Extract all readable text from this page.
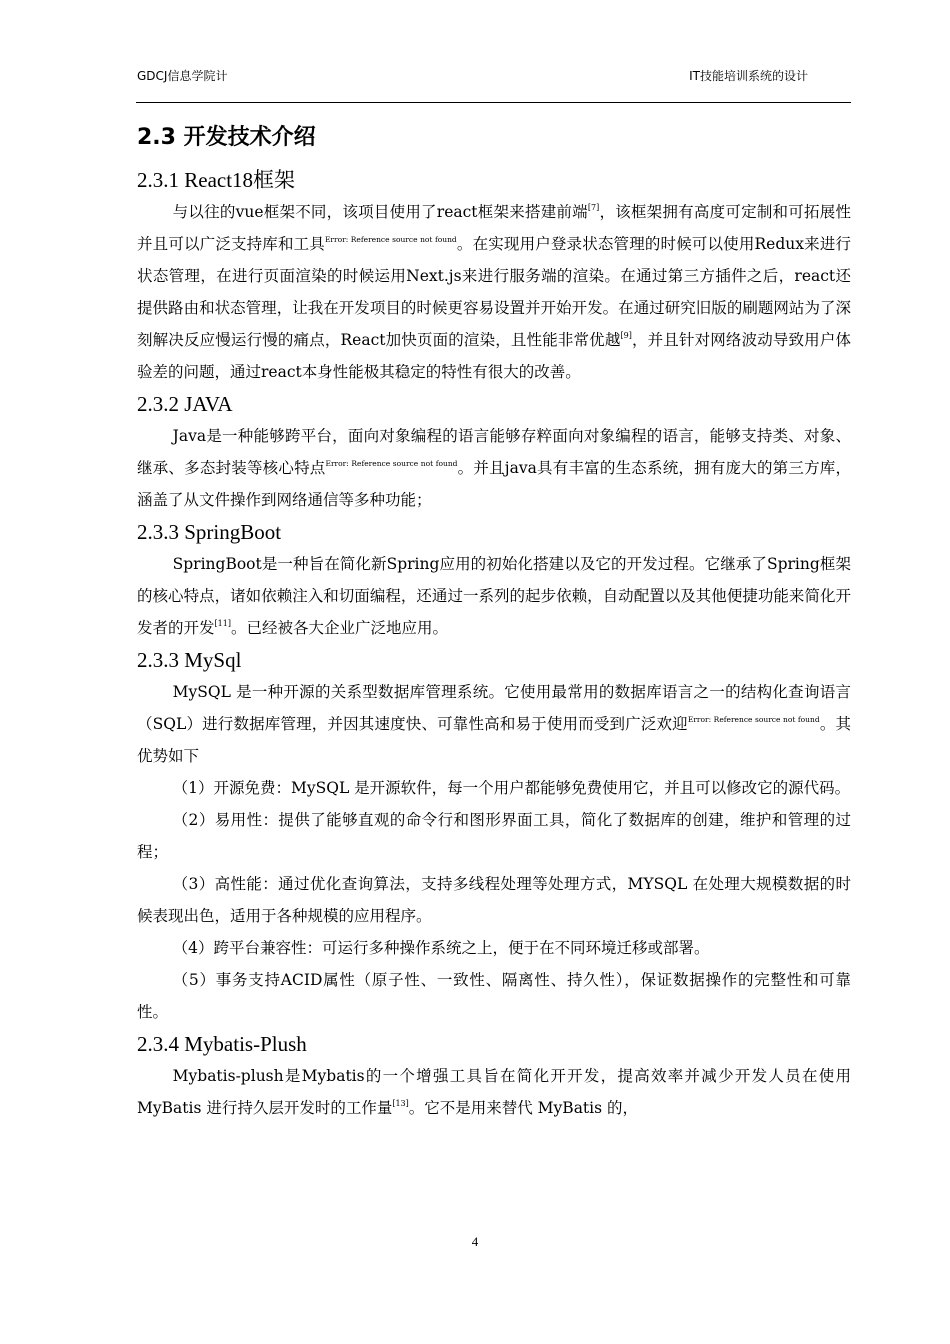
GDCJ信息学院计	IT技能培训系统的设计
2.3 开发技术介绍
2.3.1 React18框架

与以往的vue框架不同，该项目使用了react框架来搭建前端[7]，该框架拥有高度可定制和可拓展性并且可以广泛支持库和工具$^{Error: Reference source not found}$。在实现用户登录状态管理的时候可以使用Redux来进行状态管理，在进行页面渲染的时候运用Next.js来进行服务端的渲染。在通过第三方插件之后，react还提供路由和状态管理，让我在开发项目的时候更容易设置并开始开发。在通过研究旧版的刷题网站为了深刻解决反应慢运行慢的痛点，React加快页面的渲染，且性能非常优越[9]，并且针对网络波动导致用户体验差的问题，通过react本身性能极其稳定的特性有很大的改善。

2.3.2 JAVA

Java是一种能够跨平台，面向对象编程的语言能够存粹面向对象编程的语言，能够支持类、对象、继承、多态封装等核心特点$^{Error: Reference source not found}$。并且java具有丰富的生态系统，拥有庞大的第三方库，涵盖了从文件操作到网络通信等多种功能；

2.3.3 SpringBoot

SpringBoot是一种旨在简化新Spring应用的初始化搭建以及它的开发过程。它继承了Spring框架的核心特点，诸如依赖注入和切面编程，还通过一系列的起步依赖，自动配置以及其他便捷功能来简化开发者的开发[11]。已经被各大企业广泛地应用。

2.3.3 MySql

MySQL 是一种开源的关系型数据库管理系统。它使用最常用的数据库语言之一的结构化查询语言（SQL）进行数据库管理，并因其速度快、可靠性高和易于使用而受到广泛欢迎$^{Error: Reference source not found}$。其优势如下

（1）开源免费：MySQL 是开源软件，每一个用户都能够免费使用它，并且可以修改它的源代码。

（2）易用性：提供了能够直观的命令行和图形界面工具，简化了数据库的创建，维护和管理的过程；

（3）高性能：通过优化查询算法，支持多线程处理等处理方式，MYSQL 在处理大规模数据的时候表现出色，适用于各种规模的应用程序。

（4）跨平台兼容性：可运行多种操作系统之上，便于在不同环境迁移或部署。

（5）事务支持ACID属性（原子性、一致性、隔离性、持久性），保证数据操作的完整性和可靠性。

2.3.4 Mybatis-Plush

Mybatis-plush是Mybatis的一个增强工具旨在简化开开发，提高效率并减少开发人员在使用 MyBatis 进行持久层开发时的工作量[13]。它不是用来替代 MyBatis 的，

4
